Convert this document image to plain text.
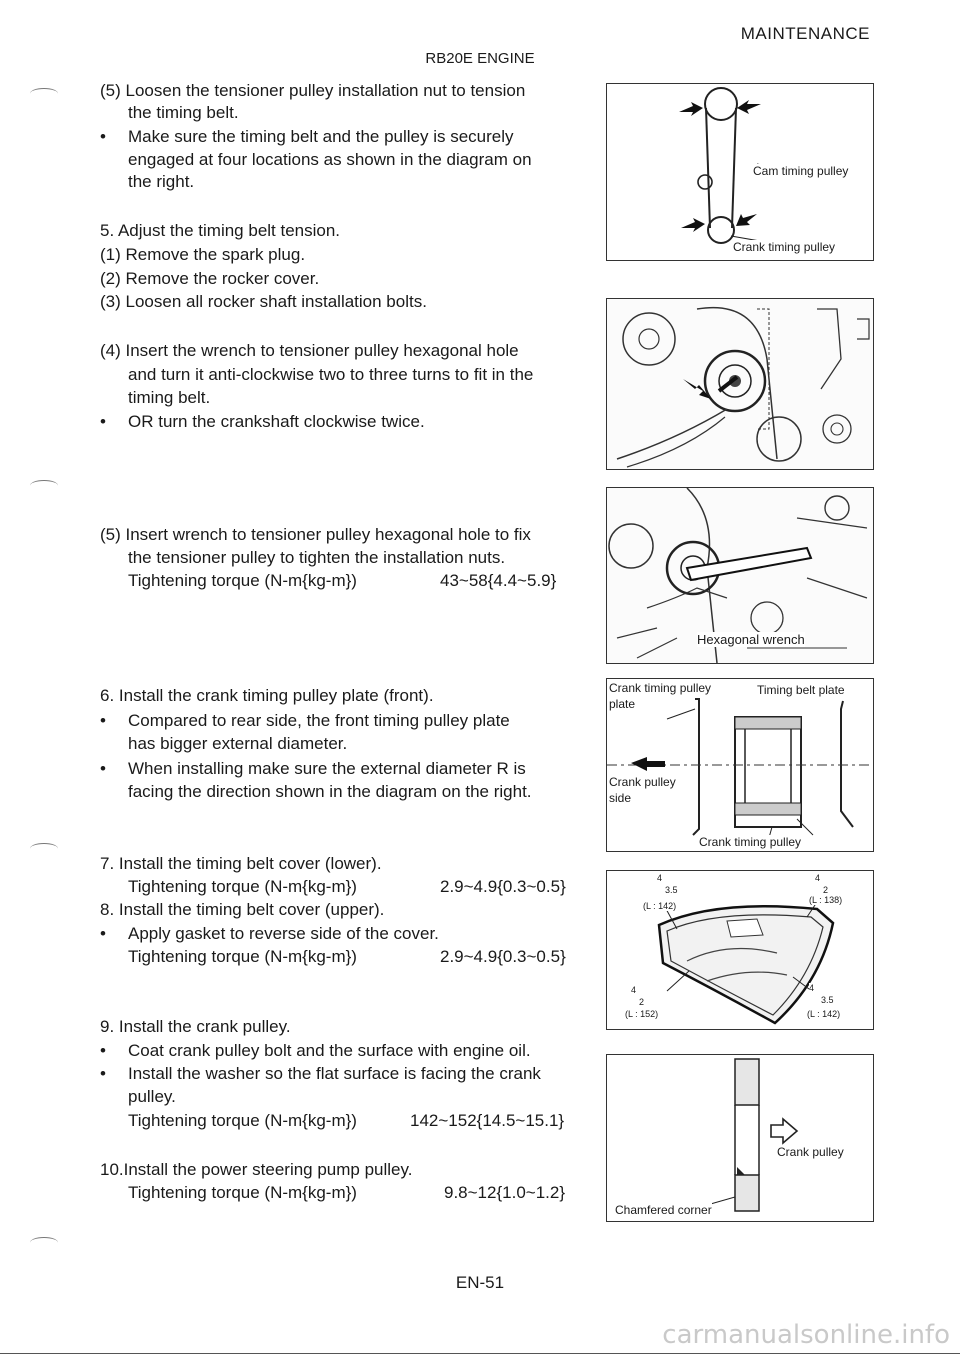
MAINTENANCE
RB20E ENGINE
(5) Loosen the tensioner pulley installation nut to tension
the timing belt.
• Make sure the timing belt and the pulley is securely
engaged at four locations as shown in the diagram on
the right.
5. Adjust the timing belt tension.
(1) Remove the spark plug.
(2) Remove the rocker cover.
(3) Loosen all rocker shaft installation bolts.
(4) Insert the wrench to tensioner pulley hexagonal hole
and turn it anti-clockwise two to three turns to fit in the
timing belt.
• OR turn the crankshaft clockwise twice.
(5) Insert wrench to tensioner pulley hexagonal hole to fix
the tensioner pulley to tighten the installation nuts.
Tightening torque (N-m{kg-m})	43~58{4.4~5.9}
6. Install the crank timing pulley plate (front).
• Compared to rear side, the front timing pulley plate
has bigger external diameter.
• When installing make sure the external diameter R is
facing the direction shown in the diagram on the right.
7. Install the timing belt cover (lower).
Tightening torque (N-m{kg-m})	2.9~4.9{0.3~0.5}
8. Install the timing belt cover (upper).
• Apply gasket to reverse side of the cover.
Tightening torque (N-m{kg-m})	2.9~4.9{0.3~0.5}
9. Install the crank pulley.
• Coat crank pulley bolt and the surface with engine oil.
• Install the washer so the flat surface is facing the crank
pulley.
Tightening torque (N-m{kg-m})	142~152{14.5~15.1}
10.Install the power steering pump pulley.
Tightening torque (N-m{kg-m})	9.8~12{1.0~1.2}
Cam timing pulley
Crank timing pulley
Hexagonal wrench
Crank timing pulley
plate
Timing belt plate
Crank pulley
side
Crank timing pulley
4
3.5
(L : 142)
4
2
(L : 138)
4
2
(L : 152)
4
3.5
(L : 142)
Crank pulley
Chamfered corner
EN-51
carmanualsonline.info
